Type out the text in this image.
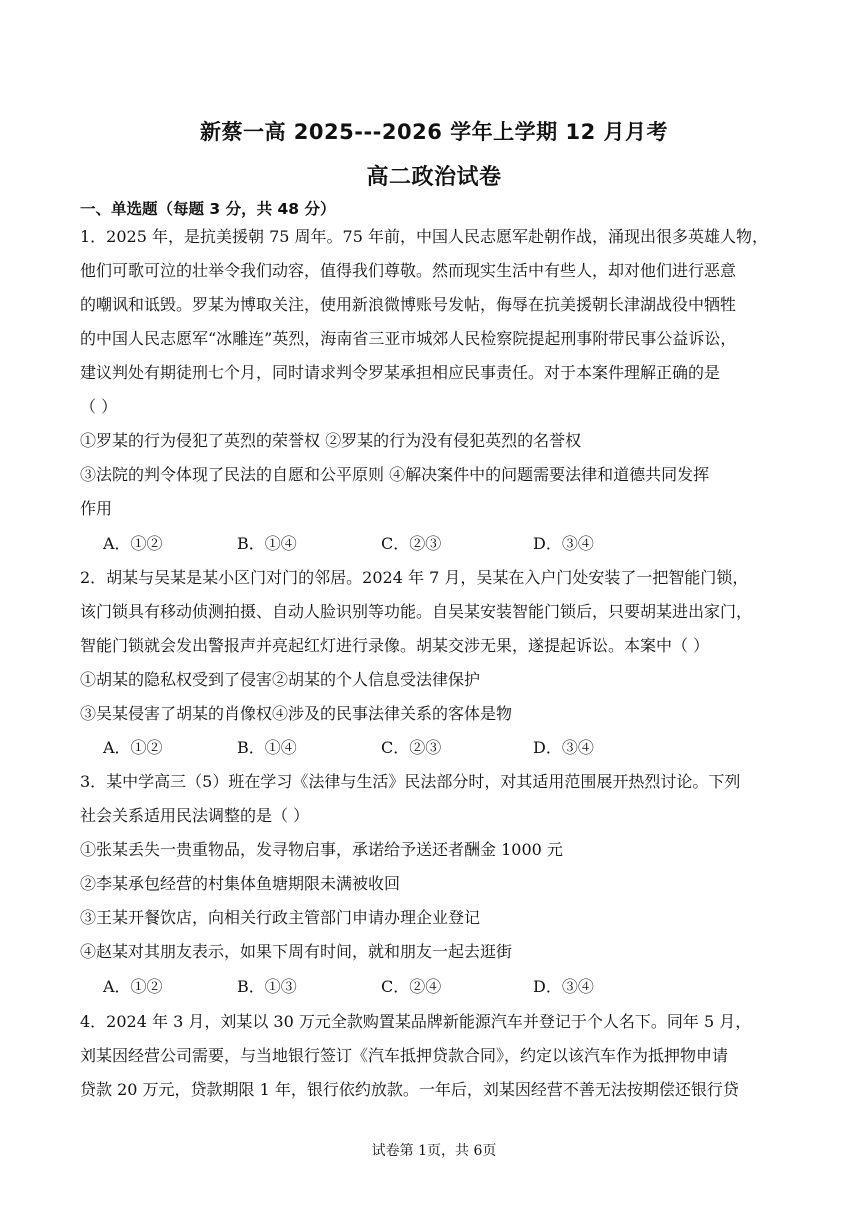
新蔡一高 2025---2026 学年上学期 12 月月考
高二政治试卷
一、单选题（每题 3 分，共 48 分）
1．2025 年，是抗美援朝 75 周年。75 年前，中国人民志愿军赴朝作战，涌现出很多英雄人物，
他们可歌可泣的壮举令我们动容，值得我们尊敬。然而现实生活中有些人，却对他们进行恶意
的嘲讽和诋毁。罗某为博取关注，使用新浪微博账号发帖，侮辱在抗美援朝长津湖战役中牺牲
的中国人民志愿军“冰雕连”英烈，海南省三亚市城郊人民检察院提起刑事附带民事公益诉讼，
建议判处有期徒刑七个月，同时请求判令罗某承担相应民事责任。对于本案件理解正确的是
（ ）
①罗某的行为侵犯了英烈的荣誉权 ②罗某的行为没有侵犯英烈的名誉权
③法院的判令体现了民法的自愿和公平原则 ④解决案件中的问题需要法律和道德共同发挥
作用
A．①②	B．①④	C．②③	D．③④
2．胡某与吴某是某小区门对门的邻居。2024 年 7 月，吴某在入户门处安装了一把智能门锁，
该门锁具有移动侦测拍摄、自动人脸识别等功能。自吴某安装智能门锁后，只要胡某进出家门，
智能门锁就会发出警报声并亮起红灯进行录像。胡某交涉无果，遂提起诉讼。本案中（ ）
①胡某的隐私权受到了侵害②胡某的个人信息受法律保护
③吴某侵害了胡某的肖像权④涉及的民事法律关系的客体是物
A．①②	B．①④	C．②③	D．③④
3．某中学高三（5）班在学习《法律与生活》民法部分时，对其适用范围展开热烈讨论。下列
社会关系适用民法调整的是（ ）
①张某丢失一贵重物品，发寻物启事，承诺给予送还者酬金 1000 元
②李某承包经营的村集体鱼塘期限未满被收回
③王某开餐饮店，向相关行政主管部门申请办理企业登记
④赵某对其朋友表示，如果下周有时间，就和朋友一起去逛街
A．①②	B．①③	C．②④	D．③④
4．2024 年 3 月，刘某以 30 万元全款购置某品牌新能源汽车并登记于个人名下。同年 5 月，
刘某因经营公司需要，与当地银行签订《汽车抵押贷款合同》，约定以该汽车作为抵押物申请
贷款 20 万元，贷款期限 1 年，银行依约放款。一年后，刘某因经营不善无法按期偿还银行贷
试卷第 1页，共 6页
